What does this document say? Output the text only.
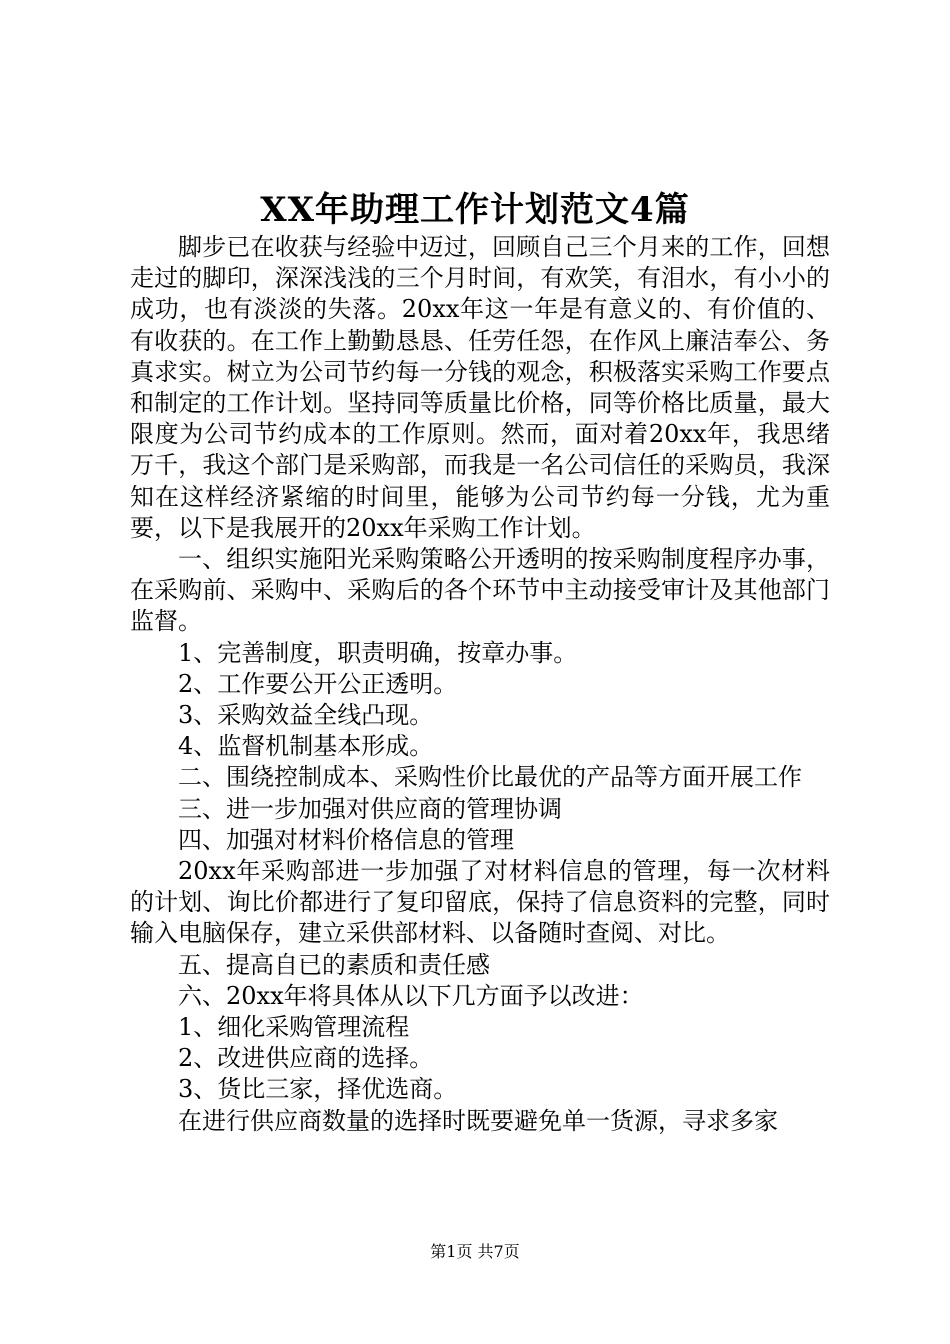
XX年助理工作计划范文4篇

脚步已在收获与经验中迈过，回顾自己三个月来的工作，回想走过的脚印，深深浅浅的三个月时间，有欢笑，有泪水，有小小的成功，也有淡淡的失落。20xx年这一年是有意义的、有价值的、有收获的。在工作上勤勤恳恳、任劳任怨，在作风上廉洁奉公、务真求实。树立为公司节约每一分钱的观念，积极落实采购工作要点和制定的工作计划。坚持同等质量比价格，同等价格比质量，最大限度为公司节约成本的工作原则。然而，面对着20xx年，我思绪万千，我这个部门是采购部，而我是一名公司信任的采购员，我深知在这样经济紧缩的时间里，能够为公司节约每一分钱，尤为重要，以下是我展开的20xx年采购工作计划。

一、组织实施阳光采购策略公开透明的按采购制度程序办事，在采购前、采购中、采购后的各个环节中主动接受审计及其他部门监督。

1、完善制度，职责明确，按章办事。

2、工作要公开公正透明。

3、采购效益全线凸现。

4、监督机制基本形成。

二、围绕控制成本、采购性价比最优的产品等方面开展工作

三、进一步加强对供应商的管理协调

四、加强对材料价格信息的管理

20xx年采购部进一步加强了对材料信息的管理，每一次材料的计划、询比价都进行了复印留底，保持了信息资料的完整，同时输入电脑保存，建立采供部材料、以备随时查阅、对比。

五、提高自已的素质和责任感

六、20xx年将具体从以下几方面予以改进：

1、细化采购管理流程

2、改进供应商的选择。

3、货比三家，择优选商。

在进行供应商数量的选择时既要避免单一货源，寻求多家

第1页 共7页
